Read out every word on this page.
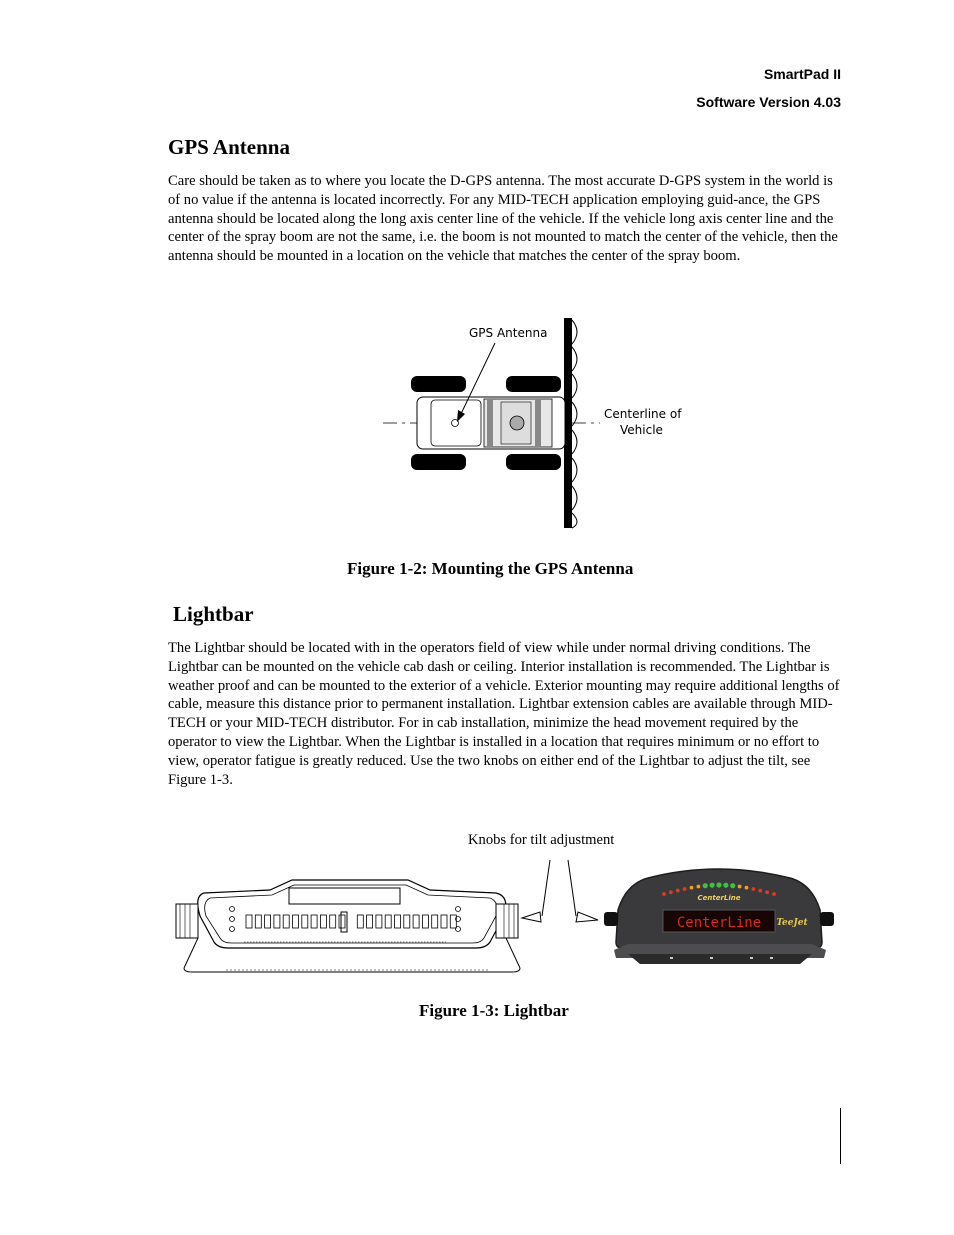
SmartPad II
Software Version 4.03
GPS Antenna

Care should be taken as to where you locate the D-GPS antenna. The most accurate D-GPS system in the world is of no value if the antenna is located incorrectly. For any MID-TECH application employing guid-ance, the GPS antenna should be located along the long axis center line of the vehicle. If the vehicle long axis center line and the center of the spray boom are not the same, i.e. the boom is not mounted to match the center of the vehicle, then the antenna should be mounted in a location on the vehicle that matches the center of the spray boom.

GPS Antenna
Centerline of
Vehicle
Figure 1-2: Mounting the GPS Antenna
Lightbar

The Lightbar should be located with in the operators field of view while under normal driving conditions. The Lightbar can be mounted on the vehicle cab dash or ceiling. Interior installation is recommended. The Lightbar is weather proof and can be mounted to the exterior of a vehicle. Exterior mounting may require additional lengths of cable, measure this distance prior to permanent installation. Lightbar extension cables are available through MID-TECH or your MID-TECH distributor. For in cab installation, minimize the head movement required by the operator to view the Lightbar. When the Lightbar is installed in a location that requires minimum or no effort to view, operator fatigue is greatly reduced. Use the two knobs on either end of the Lightbar to adjust the tilt, see Figure 1-3.

Knobs for tilt adjustment
CenterLine
CenterLine
TeeJet
Figure 1-3: Lightbar
